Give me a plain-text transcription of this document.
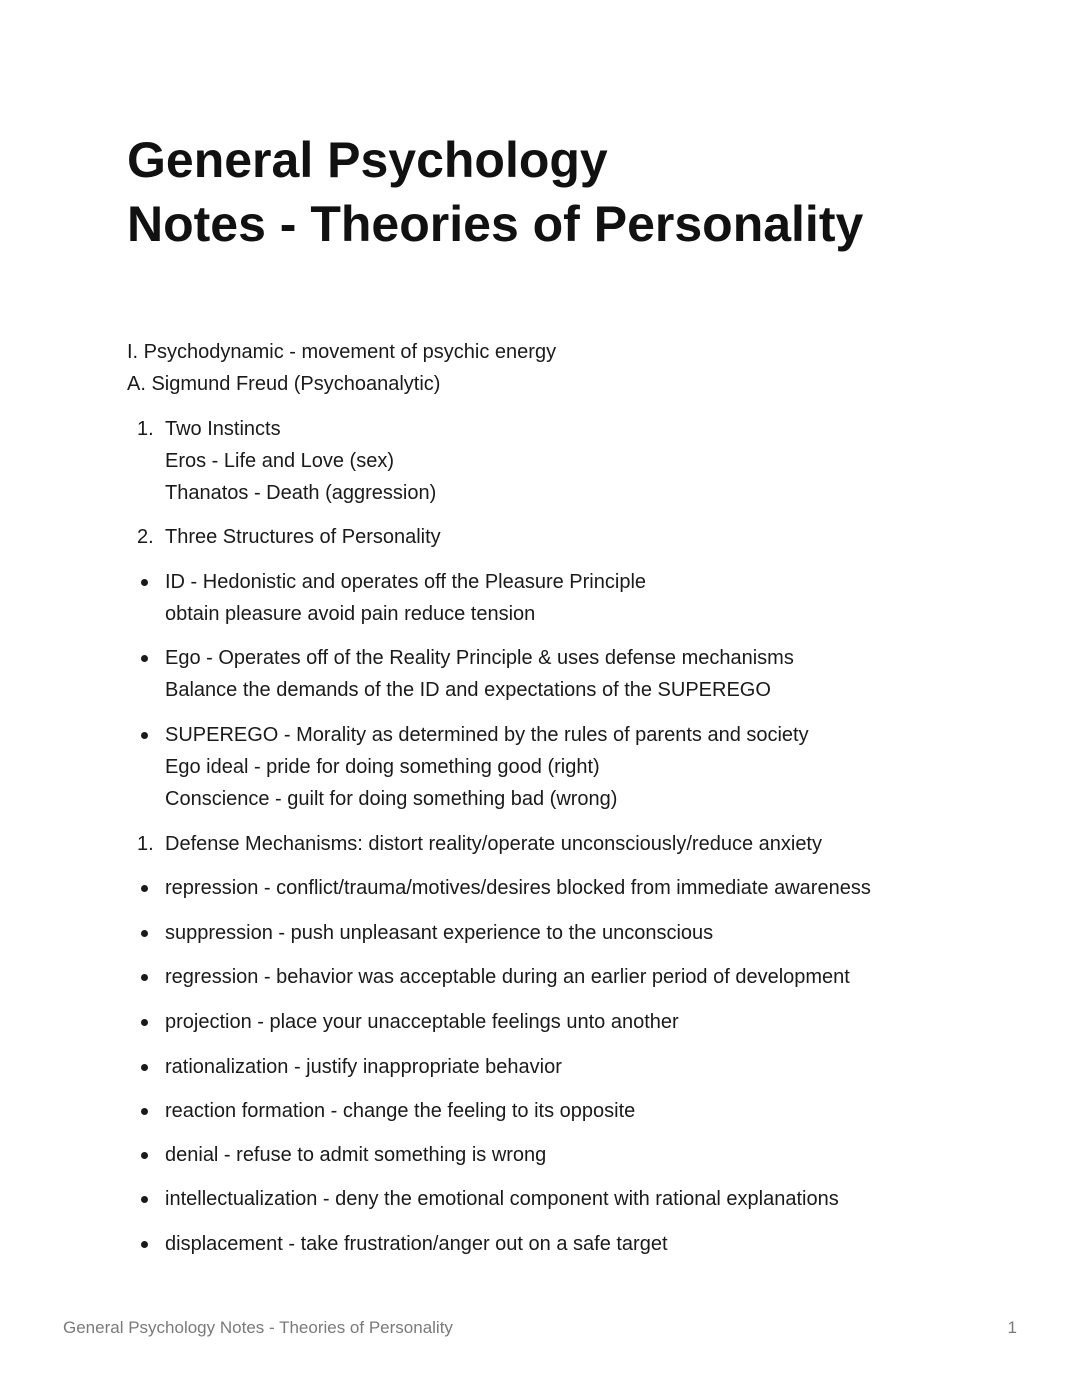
General Psychology
Notes - Theories of Personality
I. Psychodynamic - movement of psychic energy
A. Sigmund Freud (Psychoanalytic)
1. Two Instincts
Eros - Life and Love (sex)
Thanatos - Death (aggression)
2. Three Structures of Personality
ID - Hedonistic and operates off the Pleasure Principle
obtain pleasure avoid pain reduce tension
Ego - Operates off of the Reality Principle & uses defense mechanisms
Balance the demands of the ID and expectations of the SUPEREGO
SUPEREGO - Morality as determined by the rules of parents and society
Ego ideal - pride for doing something good (right)
Conscience - guilt for doing something bad (wrong)
1. Defense Mechanisms: distort reality/operate unconsciously/reduce anxiety
repression - conflict/trauma/motives/desires blocked from immediate awareness
suppression - push unpleasant experience to the unconscious
regression - behavior was acceptable during an earlier period of development
projection - place your unacceptable feelings unto another
rationalization - justify inappropriate behavior
reaction formation - change the feeling to its opposite
denial - refuse to admit something is wrong
intellectualization - deny the emotional component with rational explanations
displacement - take frustration/anger out on a safe target
General Psychology Notes - Theories of Personality	1
